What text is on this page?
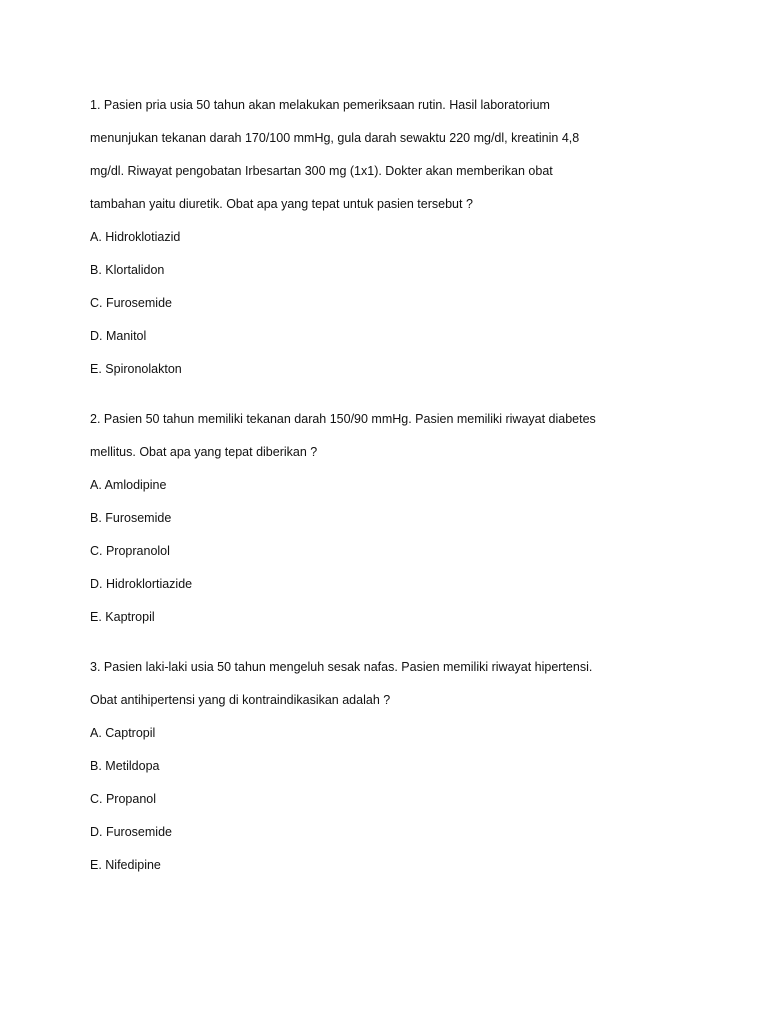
1. Pasien pria usia 50 tahun akan melakukan pemeriksaan rutin. Hasil laboratorium
menunjukan tekanan darah 170/100 mmHg, gula darah sewaktu 220 mg/dl, kreatinin 4,8
mg/dl. Riwayat pengobatan Irbesartan 300 mg (1x1). Dokter akan memberikan obat
tambahan yaitu diuretik. Obat apa yang tepat untuk pasien tersebut ?
A. Hidroklotiazid
B. Klortalidon
C. Furosemide
D. Manitol
E. Spironolakton
2. Pasien 50 tahun memiliki tekanan darah 150/90 mmHg. Pasien memiliki riwayat diabetes
mellitus. Obat apa yang tepat diberikan ?
A. Amlodipine
B. Furosemide
C. Propranolol
D. Hidroklortiazide
E. Kaptropil
3. Pasien laki-laki usia 50 tahun mengeluh sesak nafas. Pasien memiliki riwayat hipertensi.
Obat antihipertensi yang di kontraindikasikan adalah ?
A. Captropil
B. Metildopa
C. Propanol
D. Furosemide
E. Nifedipine
